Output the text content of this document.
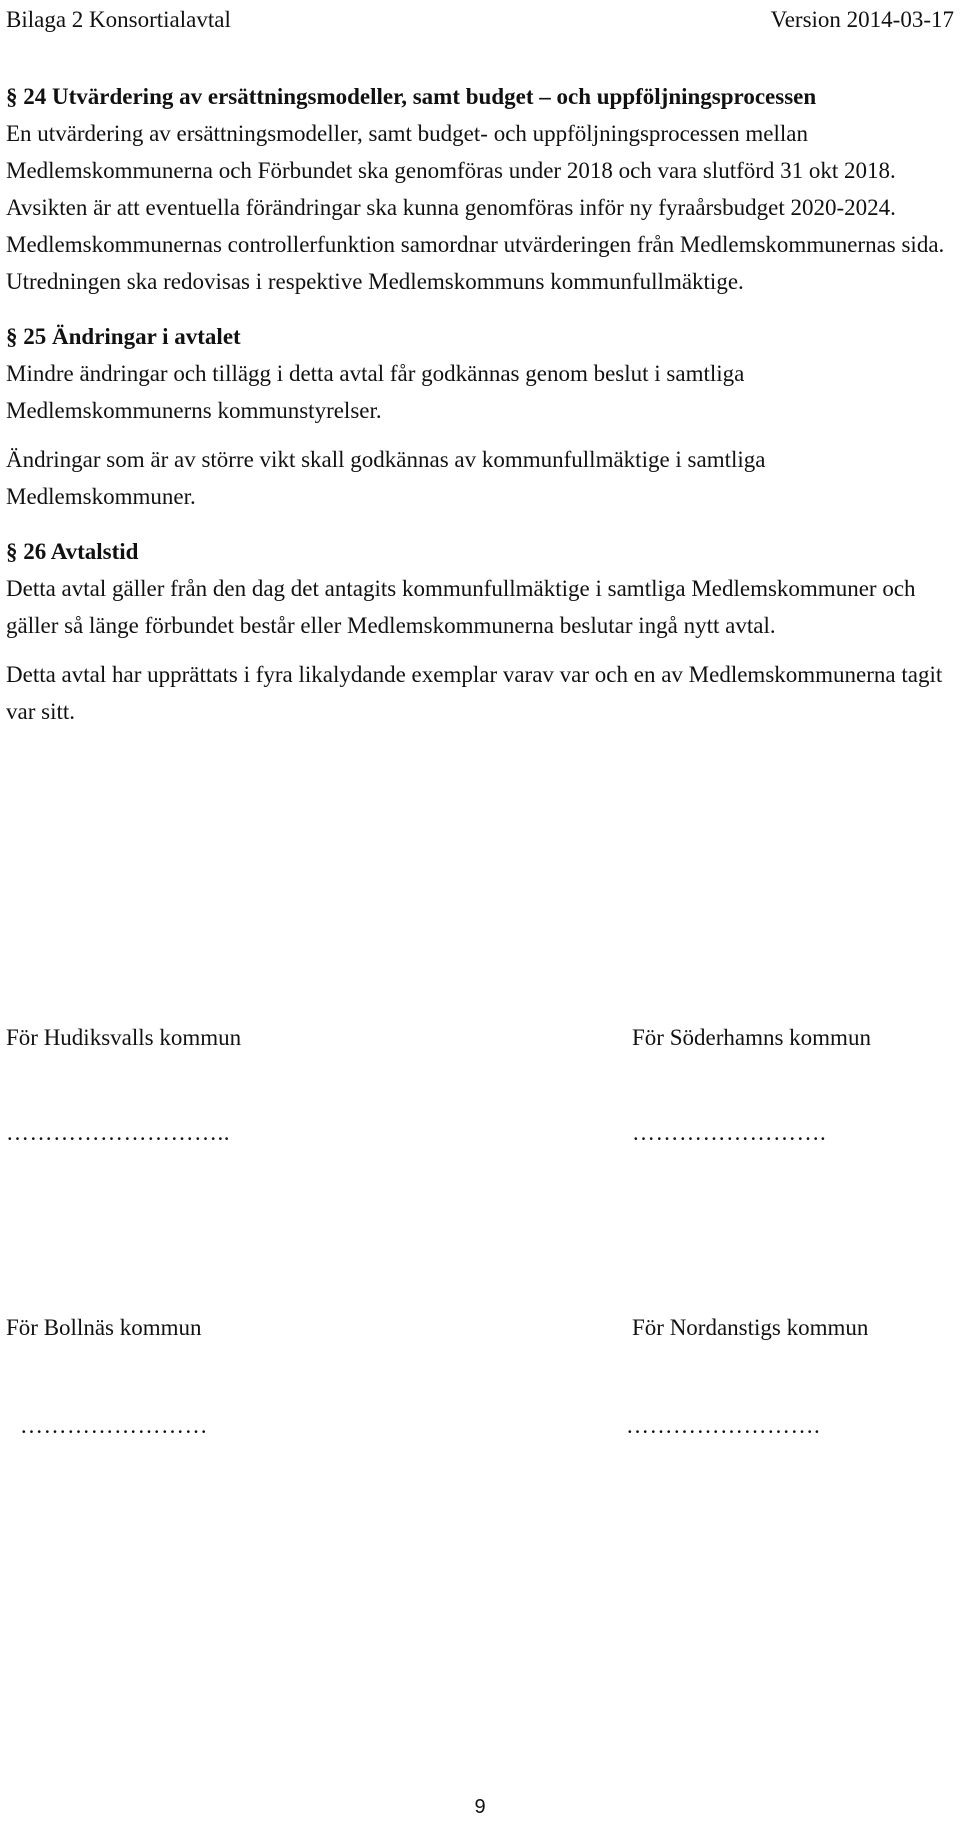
Bilaga 2 Konsortialavtal	Version 2014-03-17

§ 24 Utvärdering av ersättningsmodeller, samt budget – och uppföljningsprocessen

En utvärdering av ersättningsmodeller, samt budget- och uppföljningsprocessen mellan Medlemskommunerna och Förbundet ska genomföras under 2018 och vara slutförd 31 okt 2018. Avsikten är att eventuella förändringar ska kunna genomföras inför ny fyraårsbudget 2020-2024. Medlemskommunernas controllerfunktion samordnar utvärderingen från Medlemskommunernas sida. Utredningen ska redovisas i respektive Medlemskommuns kommunfullmäktige.

§ 25 Ändringar i avtalet

Mindre ändringar och tillägg i detta avtal får godkännas genom beslut i samtliga Medlemskommunerns kommunstyrelser.

Ändringar som är av större vikt skall godkännas av kommunfullmäktige i samtliga Medlemskommuner.

§ 26 Avtalstid

Detta avtal gäller från den dag det antagits kommunfullmäktige i samtliga Medlemskommuner och gäller så länge förbundet består eller Medlemskommunerna beslutar ingå nytt avtal.

Detta avtal har upprättats i fyra likalydande exemplar varav var och en av Medlemskommunerna tagit var sitt.

För Hudiksvalls kommun	För Söderhamns kommun
………………………..	…………………….
För Bollnäs kommun	För Nordanstigs kommun
……………………	…………………….
9
